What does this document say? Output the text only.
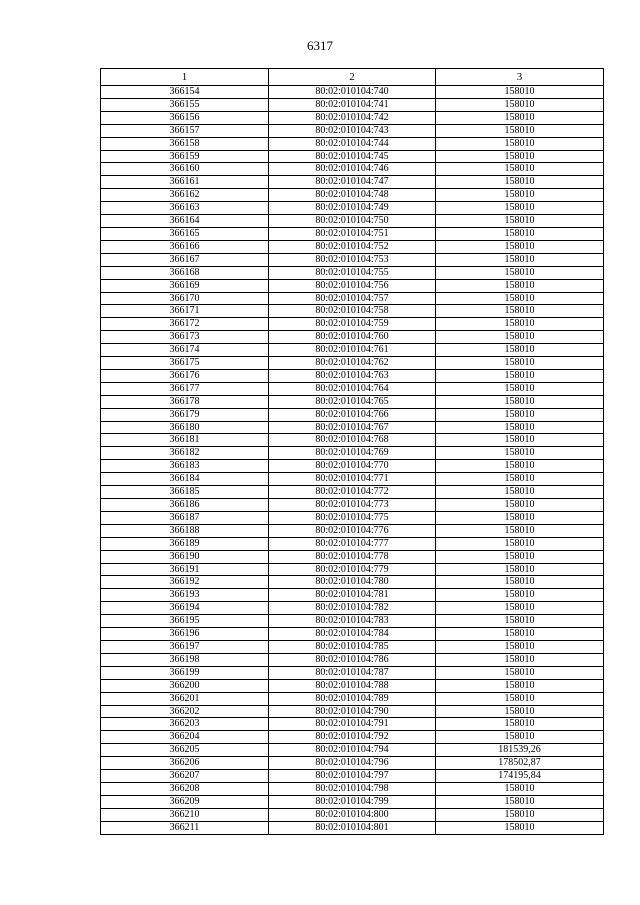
6317
1	2	3
366154	80:02:010104:740	158010
366155	80:02:010104:741	158010
366156	80:02:010104:742	158010
366157	80:02:010104:743	158010
366158	80:02:010104:744	158010
366159	80:02:010104:745	158010
366160	80:02:010104:746	158010
366161	80:02:010104:747	158010
366162	80:02:010104:748	158010
366163	80:02:010104:749	158010
366164	80:02:010104:750	158010
366165	80:02:010104:751	158010
366166	80:02:010104:752	158010
366167	80:02:010104:753	158010
366168	80:02:010104:755	158010
366169	80:02:010104:756	158010
366170	80:02:010104:757	158010
366171	80:02:010104:758	158010
366172	80:02:010104:759	158010
366173	80:02:010104:760	158010
366174	80:02:010104:761	158010
366175	80:02:010104:762	158010
366176	80:02:010104:763	158010
366177	80:02:010104:764	158010
366178	80:02:010104:765	158010
366179	80:02:010104:766	158010
366180	80:02:010104:767	158010
366181	80:02:010104:768	158010
366182	80:02:010104:769	158010
366183	80:02:010104:770	158010
366184	80:02:010104:771	158010
366185	80:02:010104:772	158010
366186	80:02:010104:773	158010
366187	80:02:010104:775	158010
366188	80:02:010104:776	158010
366189	80:02:010104:777	158010
366190	80:02:010104:778	158010
366191	80:02:010104:779	158010
366192	80:02:010104:780	158010
366193	80:02:010104:781	158010
366194	80:02:010104:782	158010
366195	80:02:010104:783	158010
366196	80:02:010104:784	158010
366197	80:02:010104:785	158010
366198	80:02:010104:786	158010
366199	80:02:010104:787	158010
366200	80:02:010104:788	158010
366201	80:02:010104:789	158010
366202	80:02:010104:790	158010
366203	80:02:010104:791	158010
366204	80:02:010104:792	158010
366205	80:02:010104:794	181539,26
366206	80:02:010104:796	178502,87
366207	80:02:010104:797	174195,84
366208	80:02:010104:798	158010
366209	80:02:010104:799	158010
366210	80:02:010104:800	158010
366211	80:02:010104:801	158010
